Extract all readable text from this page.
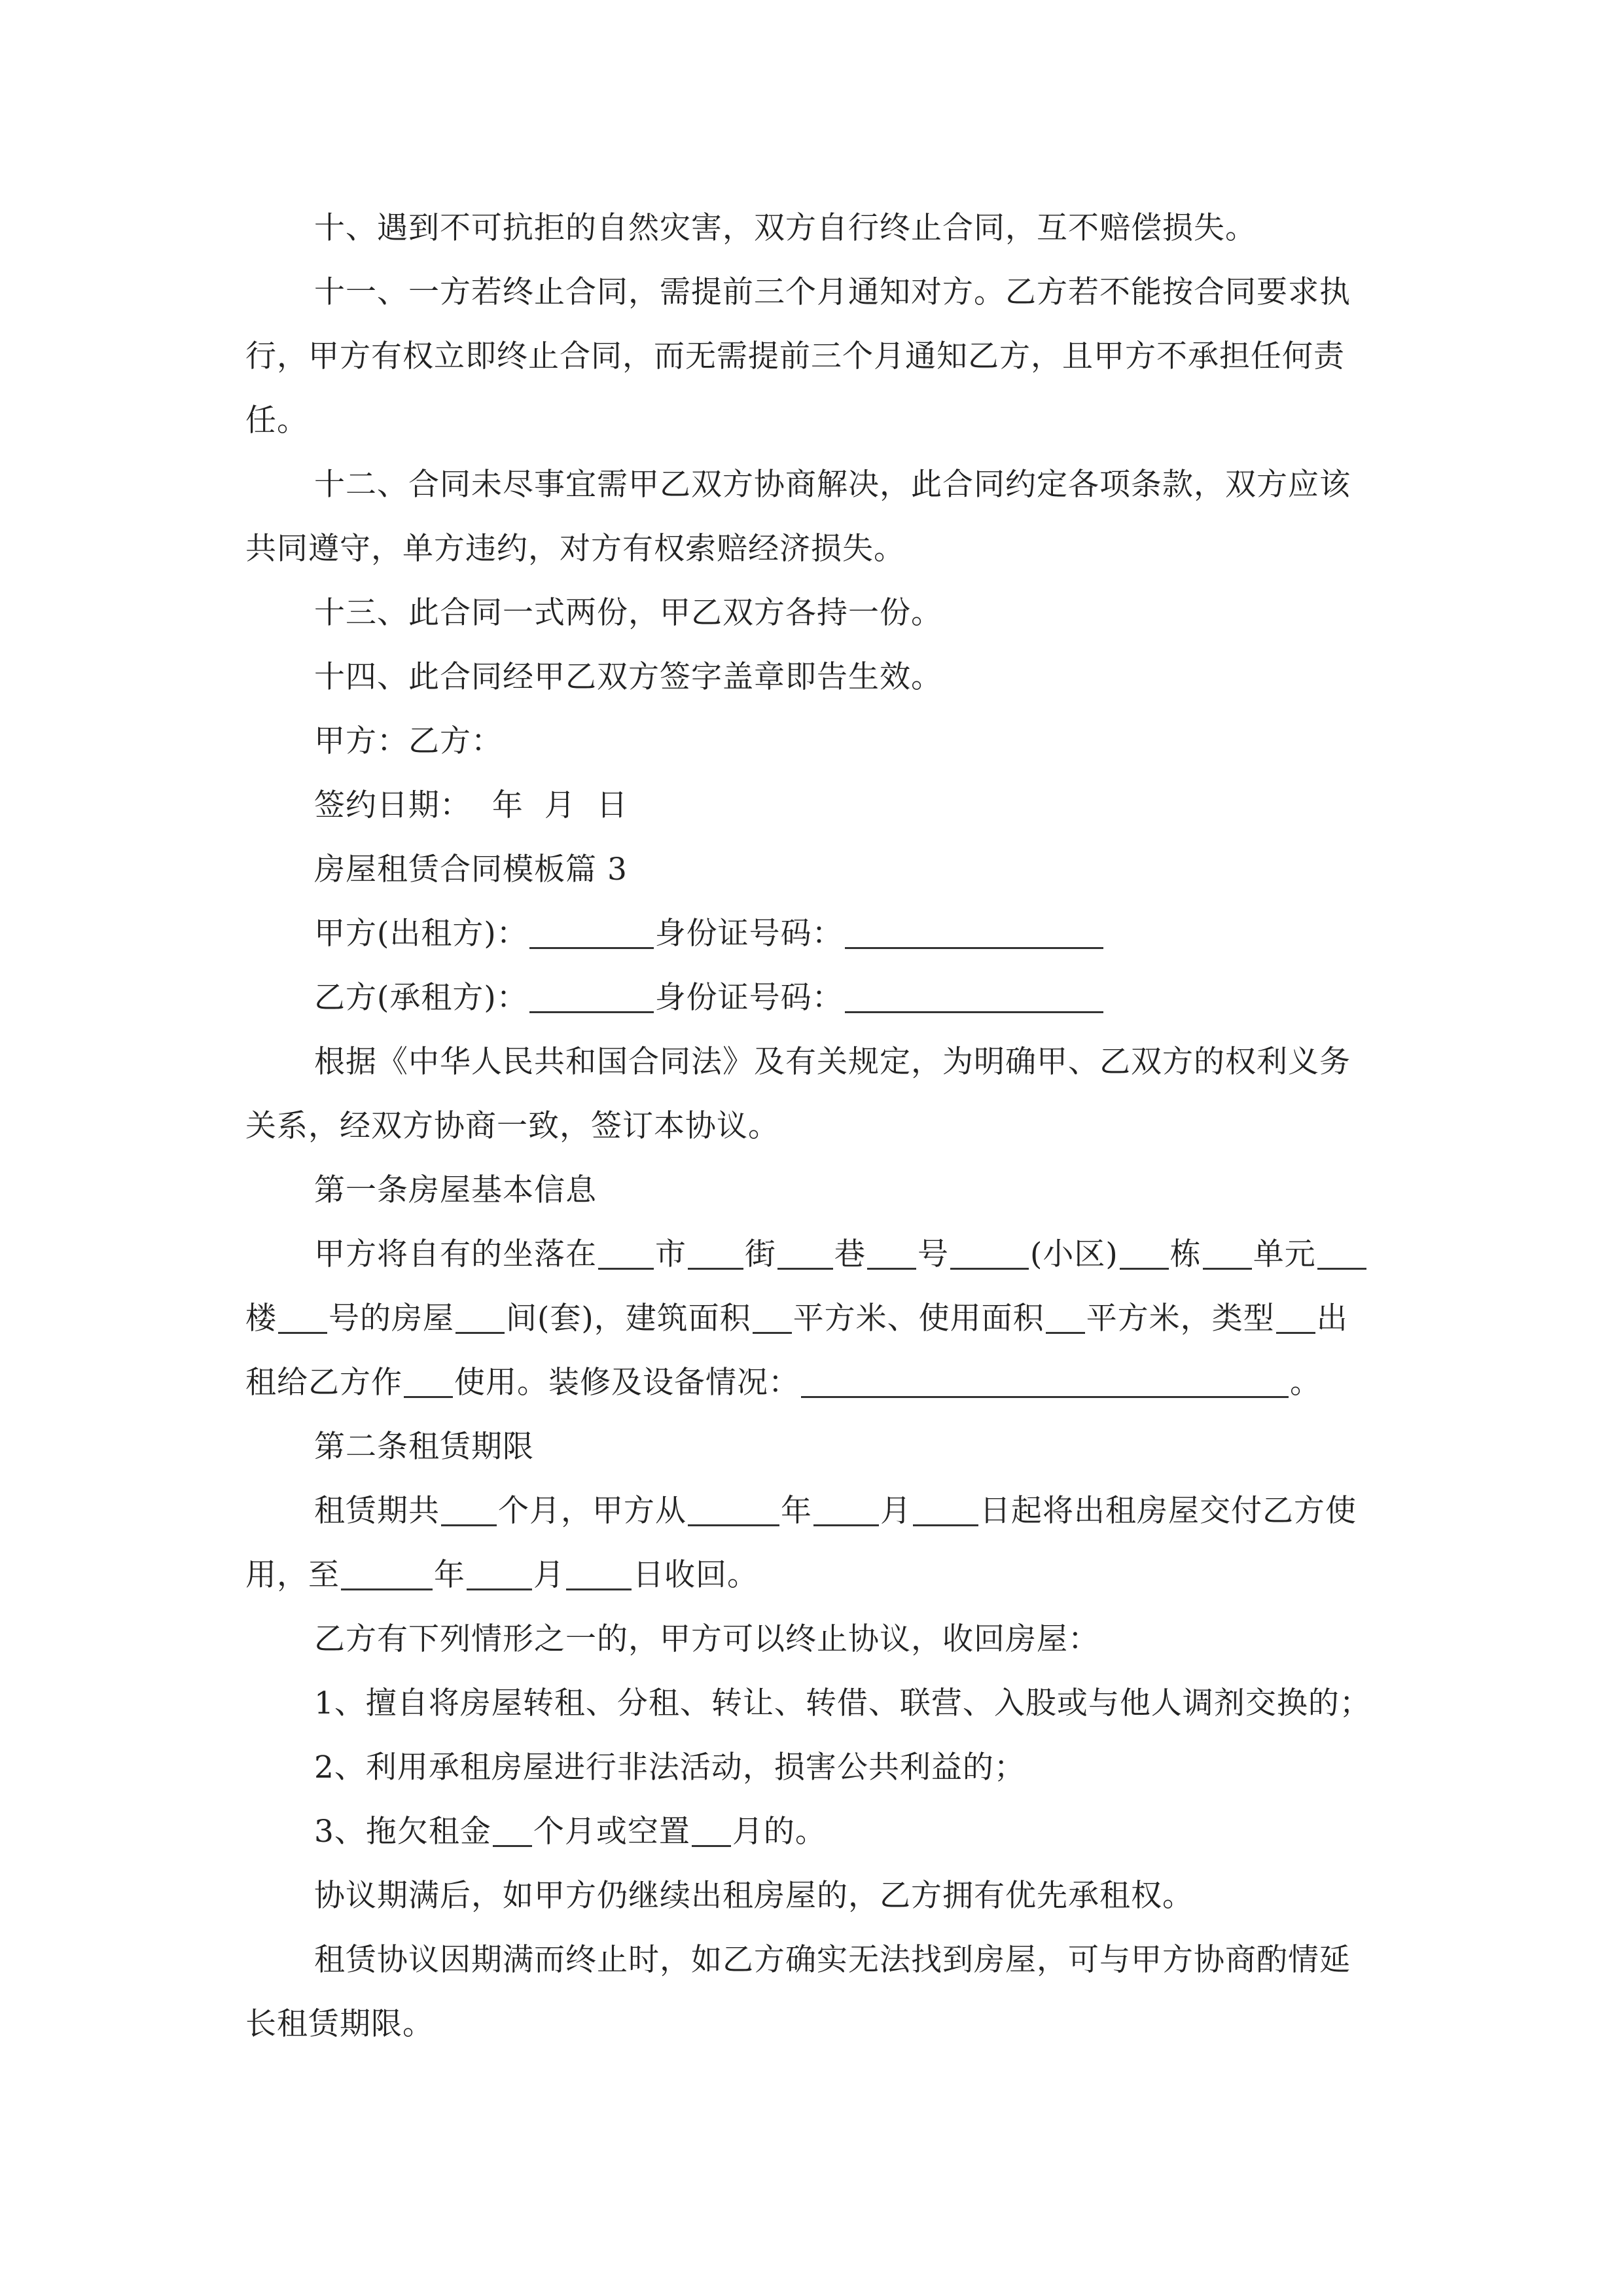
十、遇到不可抗拒的自然灾害，双方自行终止合同，互不赔偿损失。

十一、一方若终止合同，需提前三个月通知对方。乙方若不能按合同要求执行，甲方有权立即终止合同，而无需提前三个月通知乙方，且甲方不承担任何责任。

十二、合同未尽事宜需甲乙双方协商解决，此合同约定各项条款，双方应该共同遵守，单方违约，对方有权索赔经济损失。

十三、此合同一式两份，甲乙双方各持一份。

十四、此合同经甲乙双方签字盖章即告生效。

甲方：乙方：

签约日期：  年  月  日

房屋租赁合同模板篇 3

甲方(出租方)：	身份证号码：

乙方(承租方)：	身份证号码：

根据《中华人民共和国合同法》及有关规定，为明确甲、乙双方的权利义务关系，经双方协商一致，签订本协议。

第一条房屋基本信息

甲方将自有的坐落在 市 街 巷 号	(小区) 栋 单元楼 号的房屋 间(套)，建筑面积 平方米、使用面积 平方米，类型 出租给乙方作 使用。装修及设备情况：	。

第二条租赁期限

租赁期共 个月，甲方从	年 月 日起将出租房屋交付乙方使用，至	年 月 日收回。

乙方有下列情形之一的，甲方可以终止协议，收回房屋：

1、擅自将房屋转租、分租、转让、转借、联营、入股或与他人调剂交换的；

2、利用承租房屋进行非法活动，损害公共利益的；

3、拖欠租金 个月或空置 月的。

协议期满后，如甲方仍继续出租房屋的，乙方拥有优先承租权。

租赁协议因期满而终止时，如乙方确实无法找到房屋，可与甲方协商酌情延长租赁期限。
